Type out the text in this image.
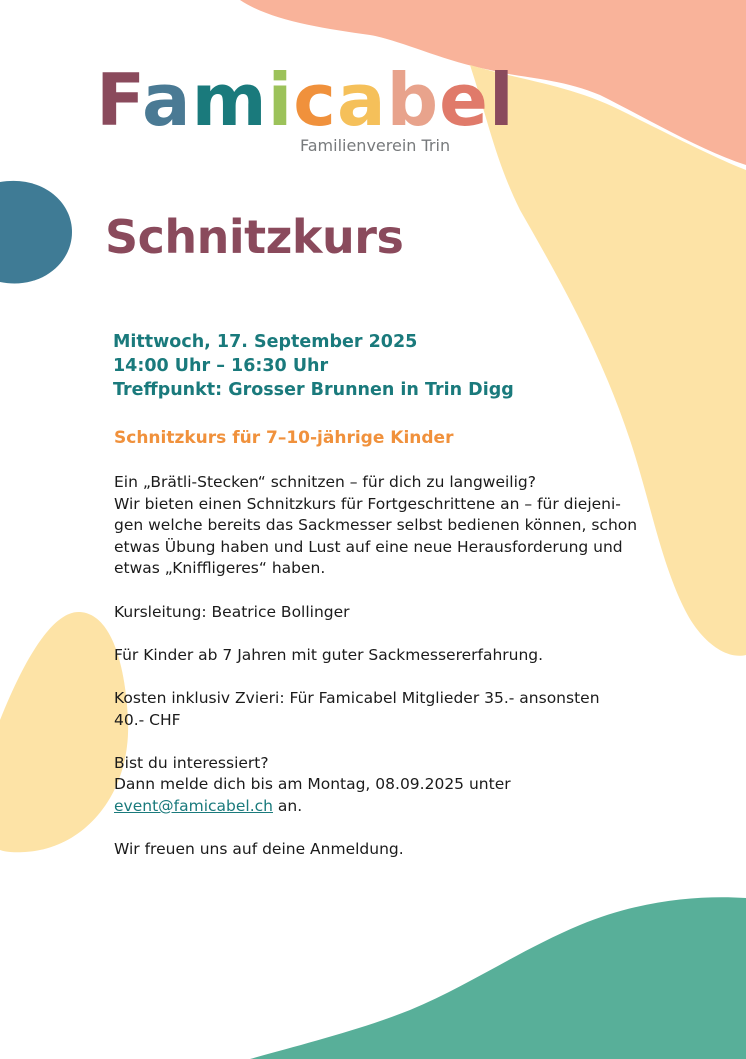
Famicabel
Familienverein Trin
Schnitzkurs
Mittwoch, 17. September 2025
14:00 Uhr – 16:30 Uhr
Treffpunkt: Grosser Brunnen in Trin Digg
Schnitzkurs für 7–10-jährige Kinder

Ein „Brätli-Stecken“ schnitzen – für dich zu langweilig?
Wir bieten einen Schnitzkurs für Fortgeschrittene an – für diejeni-
gen welche bereits das Sackmesser selbst bedienen können, schon
etwas Übung haben und Lust auf eine neue Herausforderung und
etwas „Kniffligeres“ haben.

Kursleitung: Beatrice Bollinger

Für Kinder ab 7 Jahren mit guter Sackmessererfahrung.

Kosten inklusiv Zvieri: Für Famicabel Mitglieder 35.- ansonsten
40.- CHF

Bist du interessiert?
Dann melde dich bis am Montag, 08.09.2025 unter
event@famicabel.ch an.

Wir freuen uns auf deine Anmeldung.
